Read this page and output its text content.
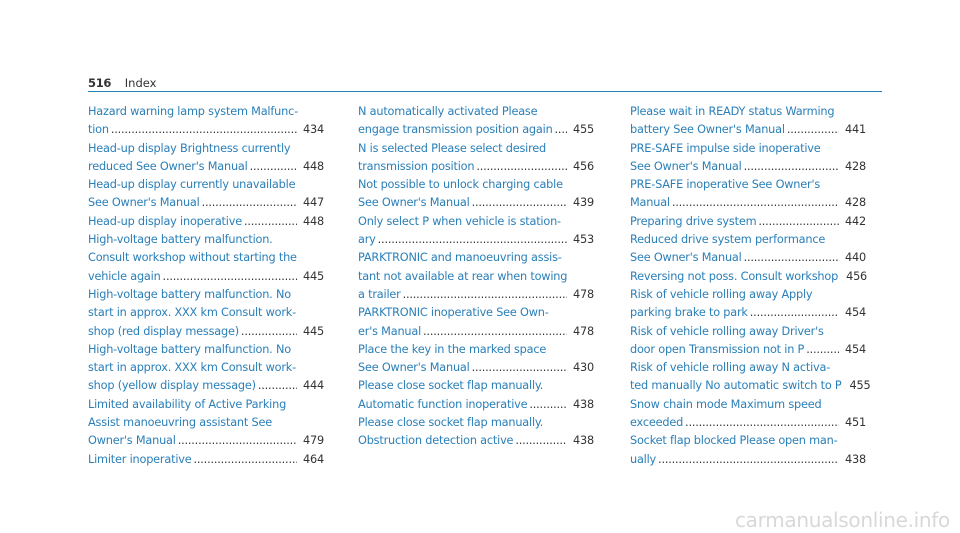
516 Index
Hazard warning lamp system Malfunc-
tion .....	434
Head-up display Brightness currently
reduced See Owner's Manual .....	448
Head-up display currently unavailable
See Owner's Manual .....	447
Head-up display inoperative .....	448
High-voltage battery malfunction.
Consult workshop without starting the
vehicle again .....	445
High-voltage battery malfunction. No
start in approx. XXX km Consult work-
shop (red display message) .....	445
High-voltage battery malfunction. No
start in approx. XXX km Consult work-
shop (yellow display message) .....	444
Limited availability of Active Parking
Assist manoeuvring assistant See
Owner's Manual .....	479
Limiter inoperative .....	464
N automatically activated Please
engage transmission position again .....	455
N is selected Please select desired
transmission position .....	456
Not possible to unlock charging cable
See Owner's Manual .....	439
Only select P when vehicle is station-
ary .....	453
PARKTRONIC and manoeuvring assis-
tant not available at rear when towing
a trailer .....	478
PARKTRONIC inoperative See Own-
er's Manual .....	478
Place the key in the marked space
See Owner's Manual .....	430
Please close socket flap manually.
Automatic function inoperative .....	438
Please close socket flap manually.
Obstruction detection active .....	438
Please wait in READY status Warming
battery See Owner's Manual .....	441
PRE-SAFE impulse side inoperative
See Owner's Manual .....	428
PRE-SAFE inoperative See Owner's
Manual .....	428
Preparing drive system .....	442
Reduced drive system performance
See Owner's Manual .....	440
Reversing not poss. Consult workshop 456
Risk of vehicle rolling away Apply
parking brake to park .....	454
Risk of vehicle rolling away Driver's
door open Transmission not in P .....	454
Risk of vehicle rolling away N activa-
ted manually No automatic switch to P 455
Snow chain mode Maximum speed
exceeded .....	451
Socket flap blocked Please open man-
ually .....	438
carmanualsonline.info
